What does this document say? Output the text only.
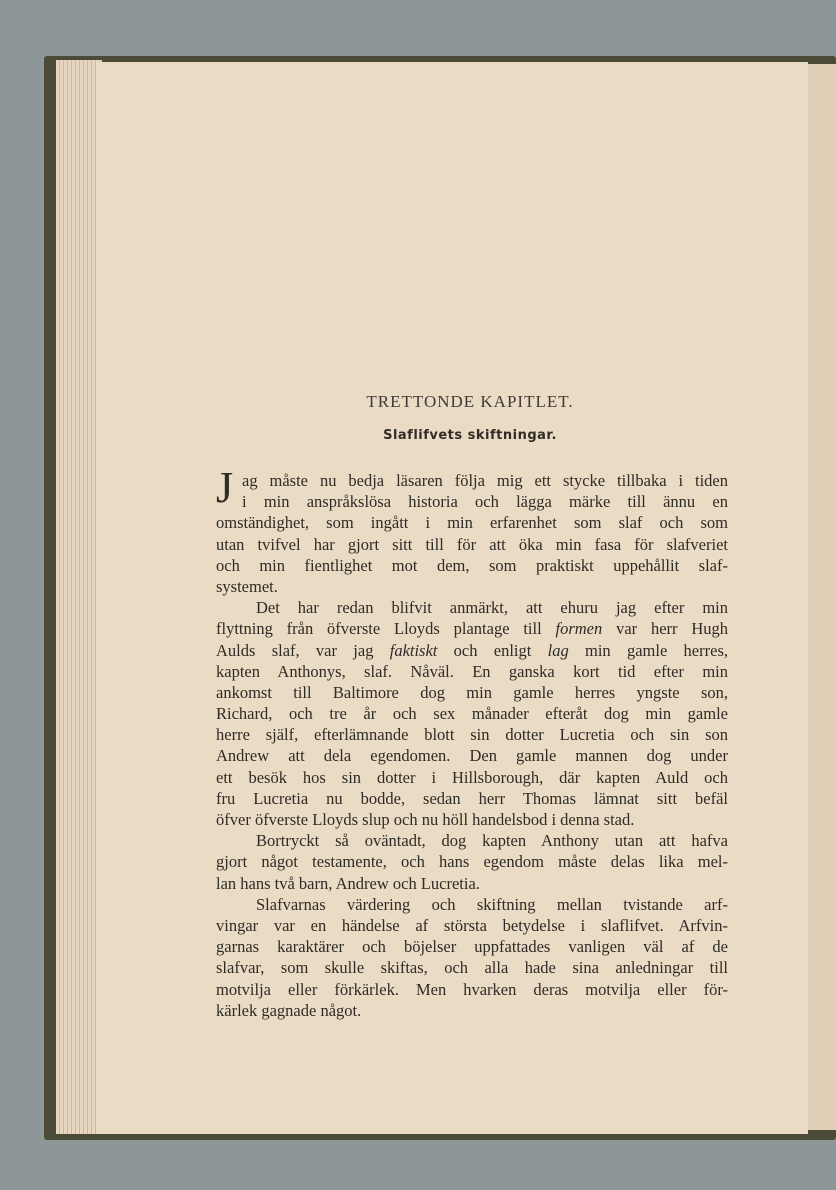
TRETTONDE KAPITLET.
Slaflifvets skiftningar.
J ag måste nu bedja läsaren följa mig ett stycke tillbaka i tiden
i min anspråkslösa historia och lägga märke till ännu en
omständighet, som ingått i min erfarenhet som slaf och som
utan tvifvel har gjort sitt till för att öka min fasa för slafveriet
och min fientlighet mot dem, som praktiskt uppehållit slaf-
systemet.
Det har redan blifvit anmärkt, att ehuru jag efter min
flyttning från öfverste Lloyds plantage till formen var herr Hugh
Aulds slaf, var jag faktiskt och enligt lag min gamle herres,
kapten Anthonys, slaf. Nåväl. En ganska kort tid efter min
ankomst till Baltimore dog min gamle herres yngste son,
Richard, och tre år och sex månader efteråt dog min gamle
herre själf, efterlämnande blott sin dotter Lucretia och sin son
Andrew att dela egendomen. Den gamle mannen dog under
ett besök hos sin dotter i Hillsborough, där kapten Auld och
fru Lucretia nu bodde, sedan herr Thomas lämnat sitt befäl
öfver öfverste Lloyds slup och nu höll handelsbod i denna stad.
Bortryckt så oväntadt, dog kapten Anthony utan att hafva
gjort något testamente, och hans egendom måste delas lika mel-
lan hans två barn, Andrew och Lucretia.
Slafvarnas värdering och skiftning mellan tvistande arf-
vingar var en händelse af största betydelse i slaflifvet. Arfvin-
garnas karaktärer och böjelser uppfattades vanligen väl af de
slafvar, som skulle skiftas, och alla hade sina anledningar till
motvilja eller förkärlek. Men hvarken deras motvilja eller för-
kärlek gagnade något.
